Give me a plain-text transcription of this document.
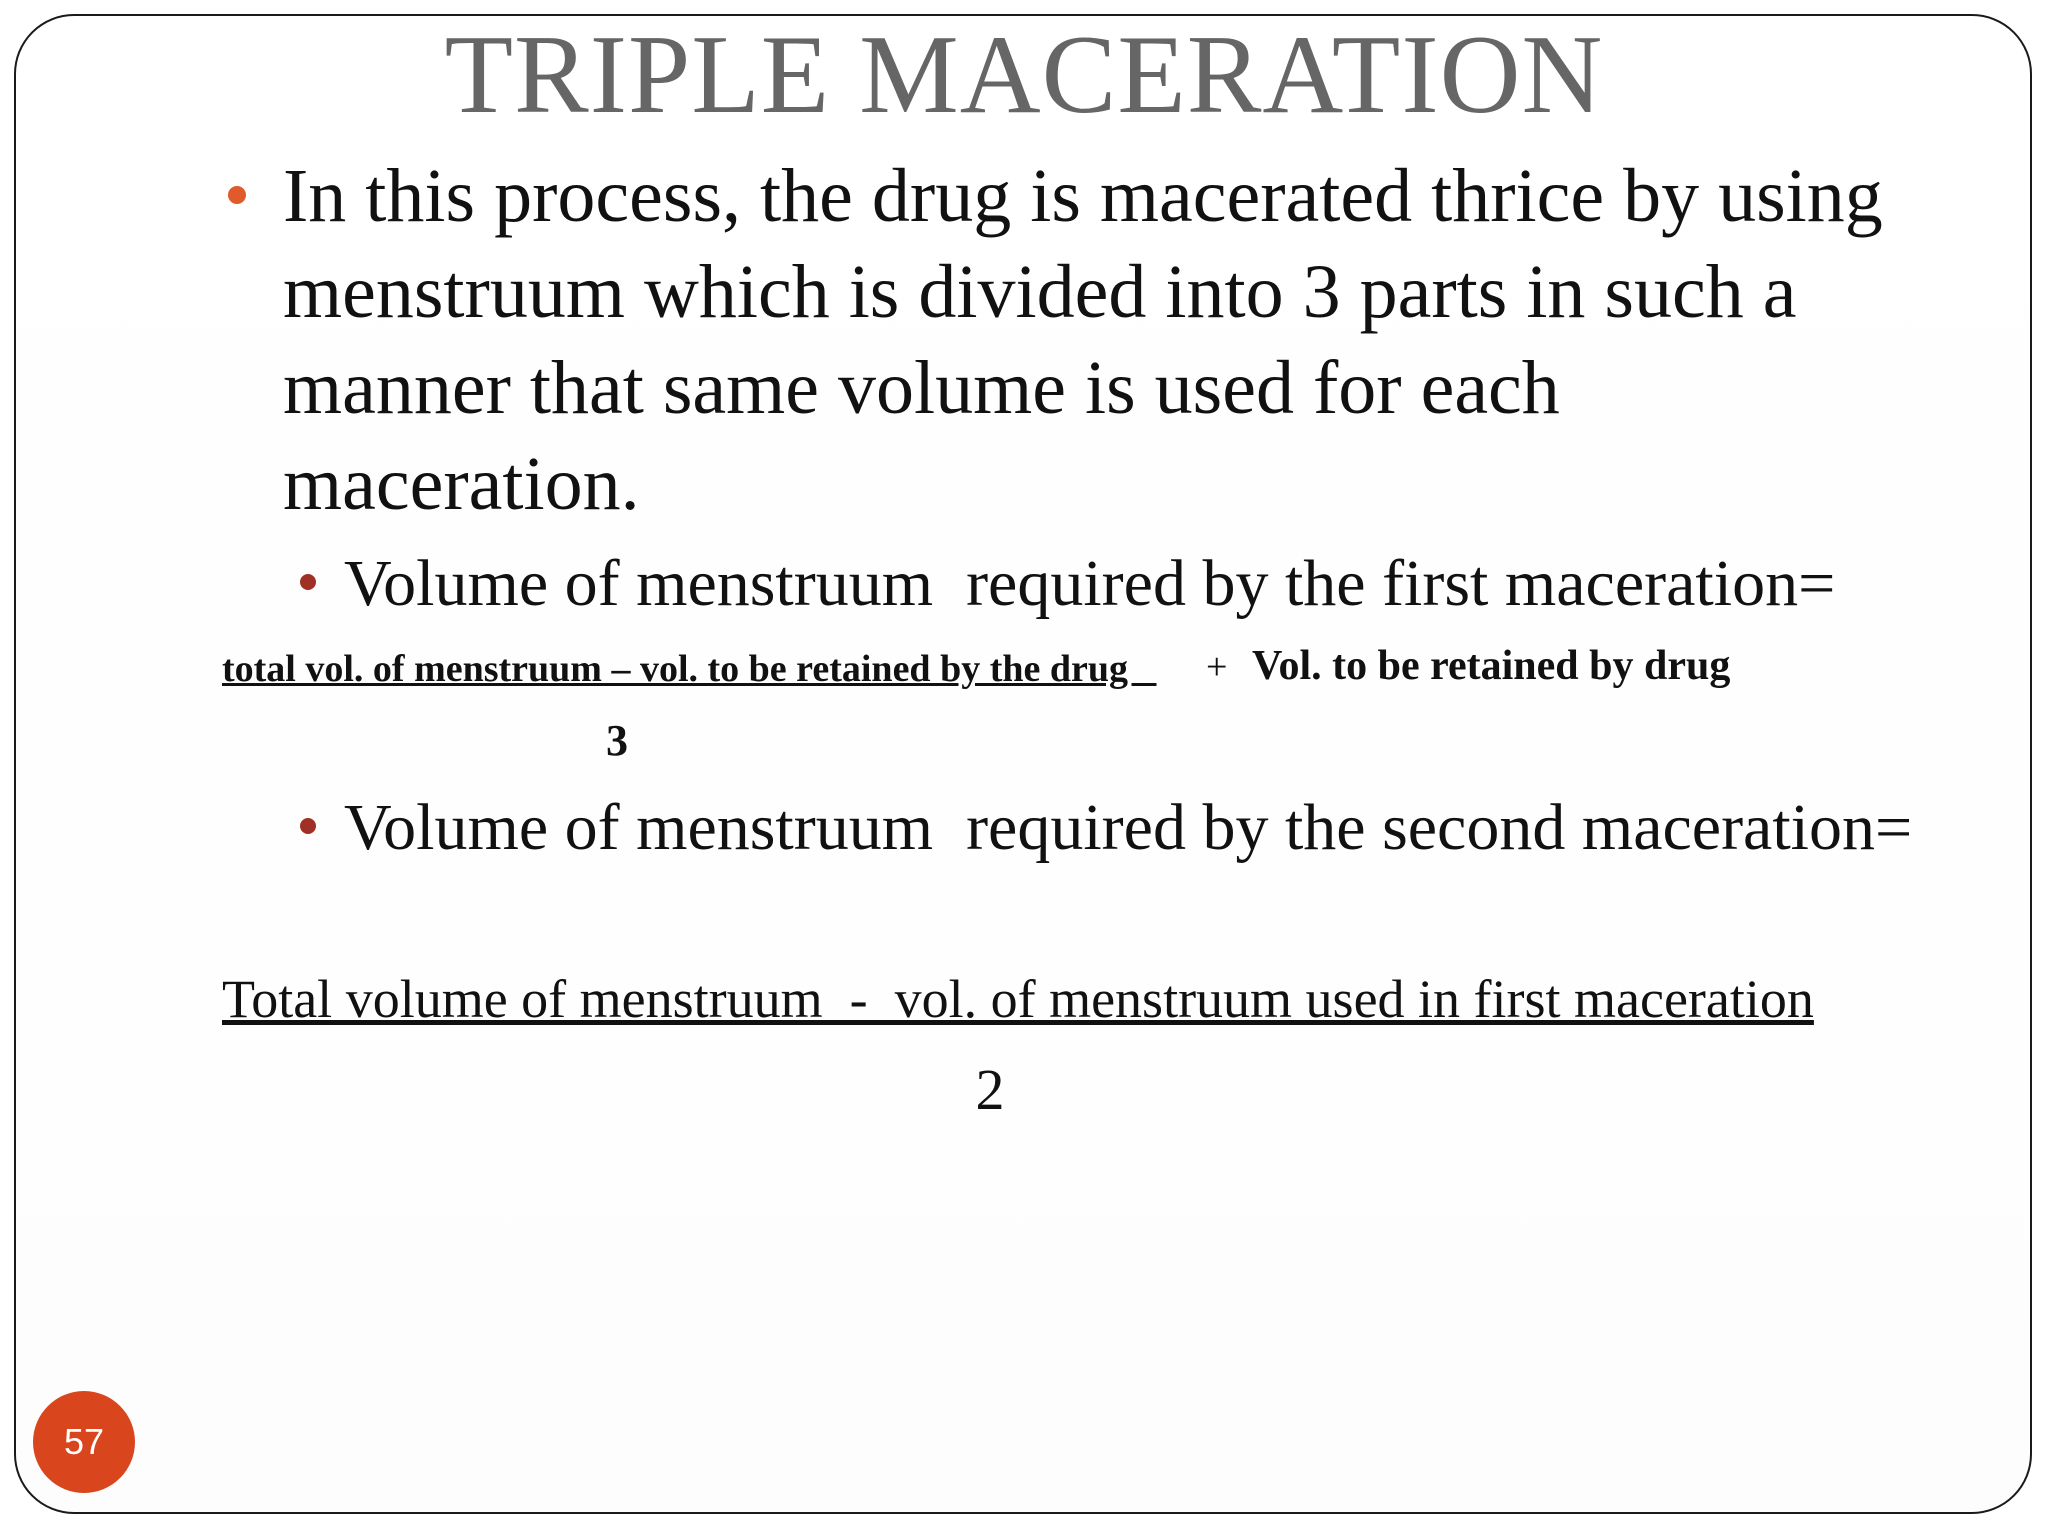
TRIPLE MACERATION
In this process, the drug is macerated thrice by using menstruum which is divided into 3 parts in such a manner that same volume is used for each maceration.
Volume of menstruum  required by the first maceration=
total vol. of menstruum – vol. to be retained by the drug + Vol. to be retained by drug
3
Volume of menstruum  required by the second maceration=
Total volume of menstruum  -  vol. of menstruum used in first maceration
2
57
